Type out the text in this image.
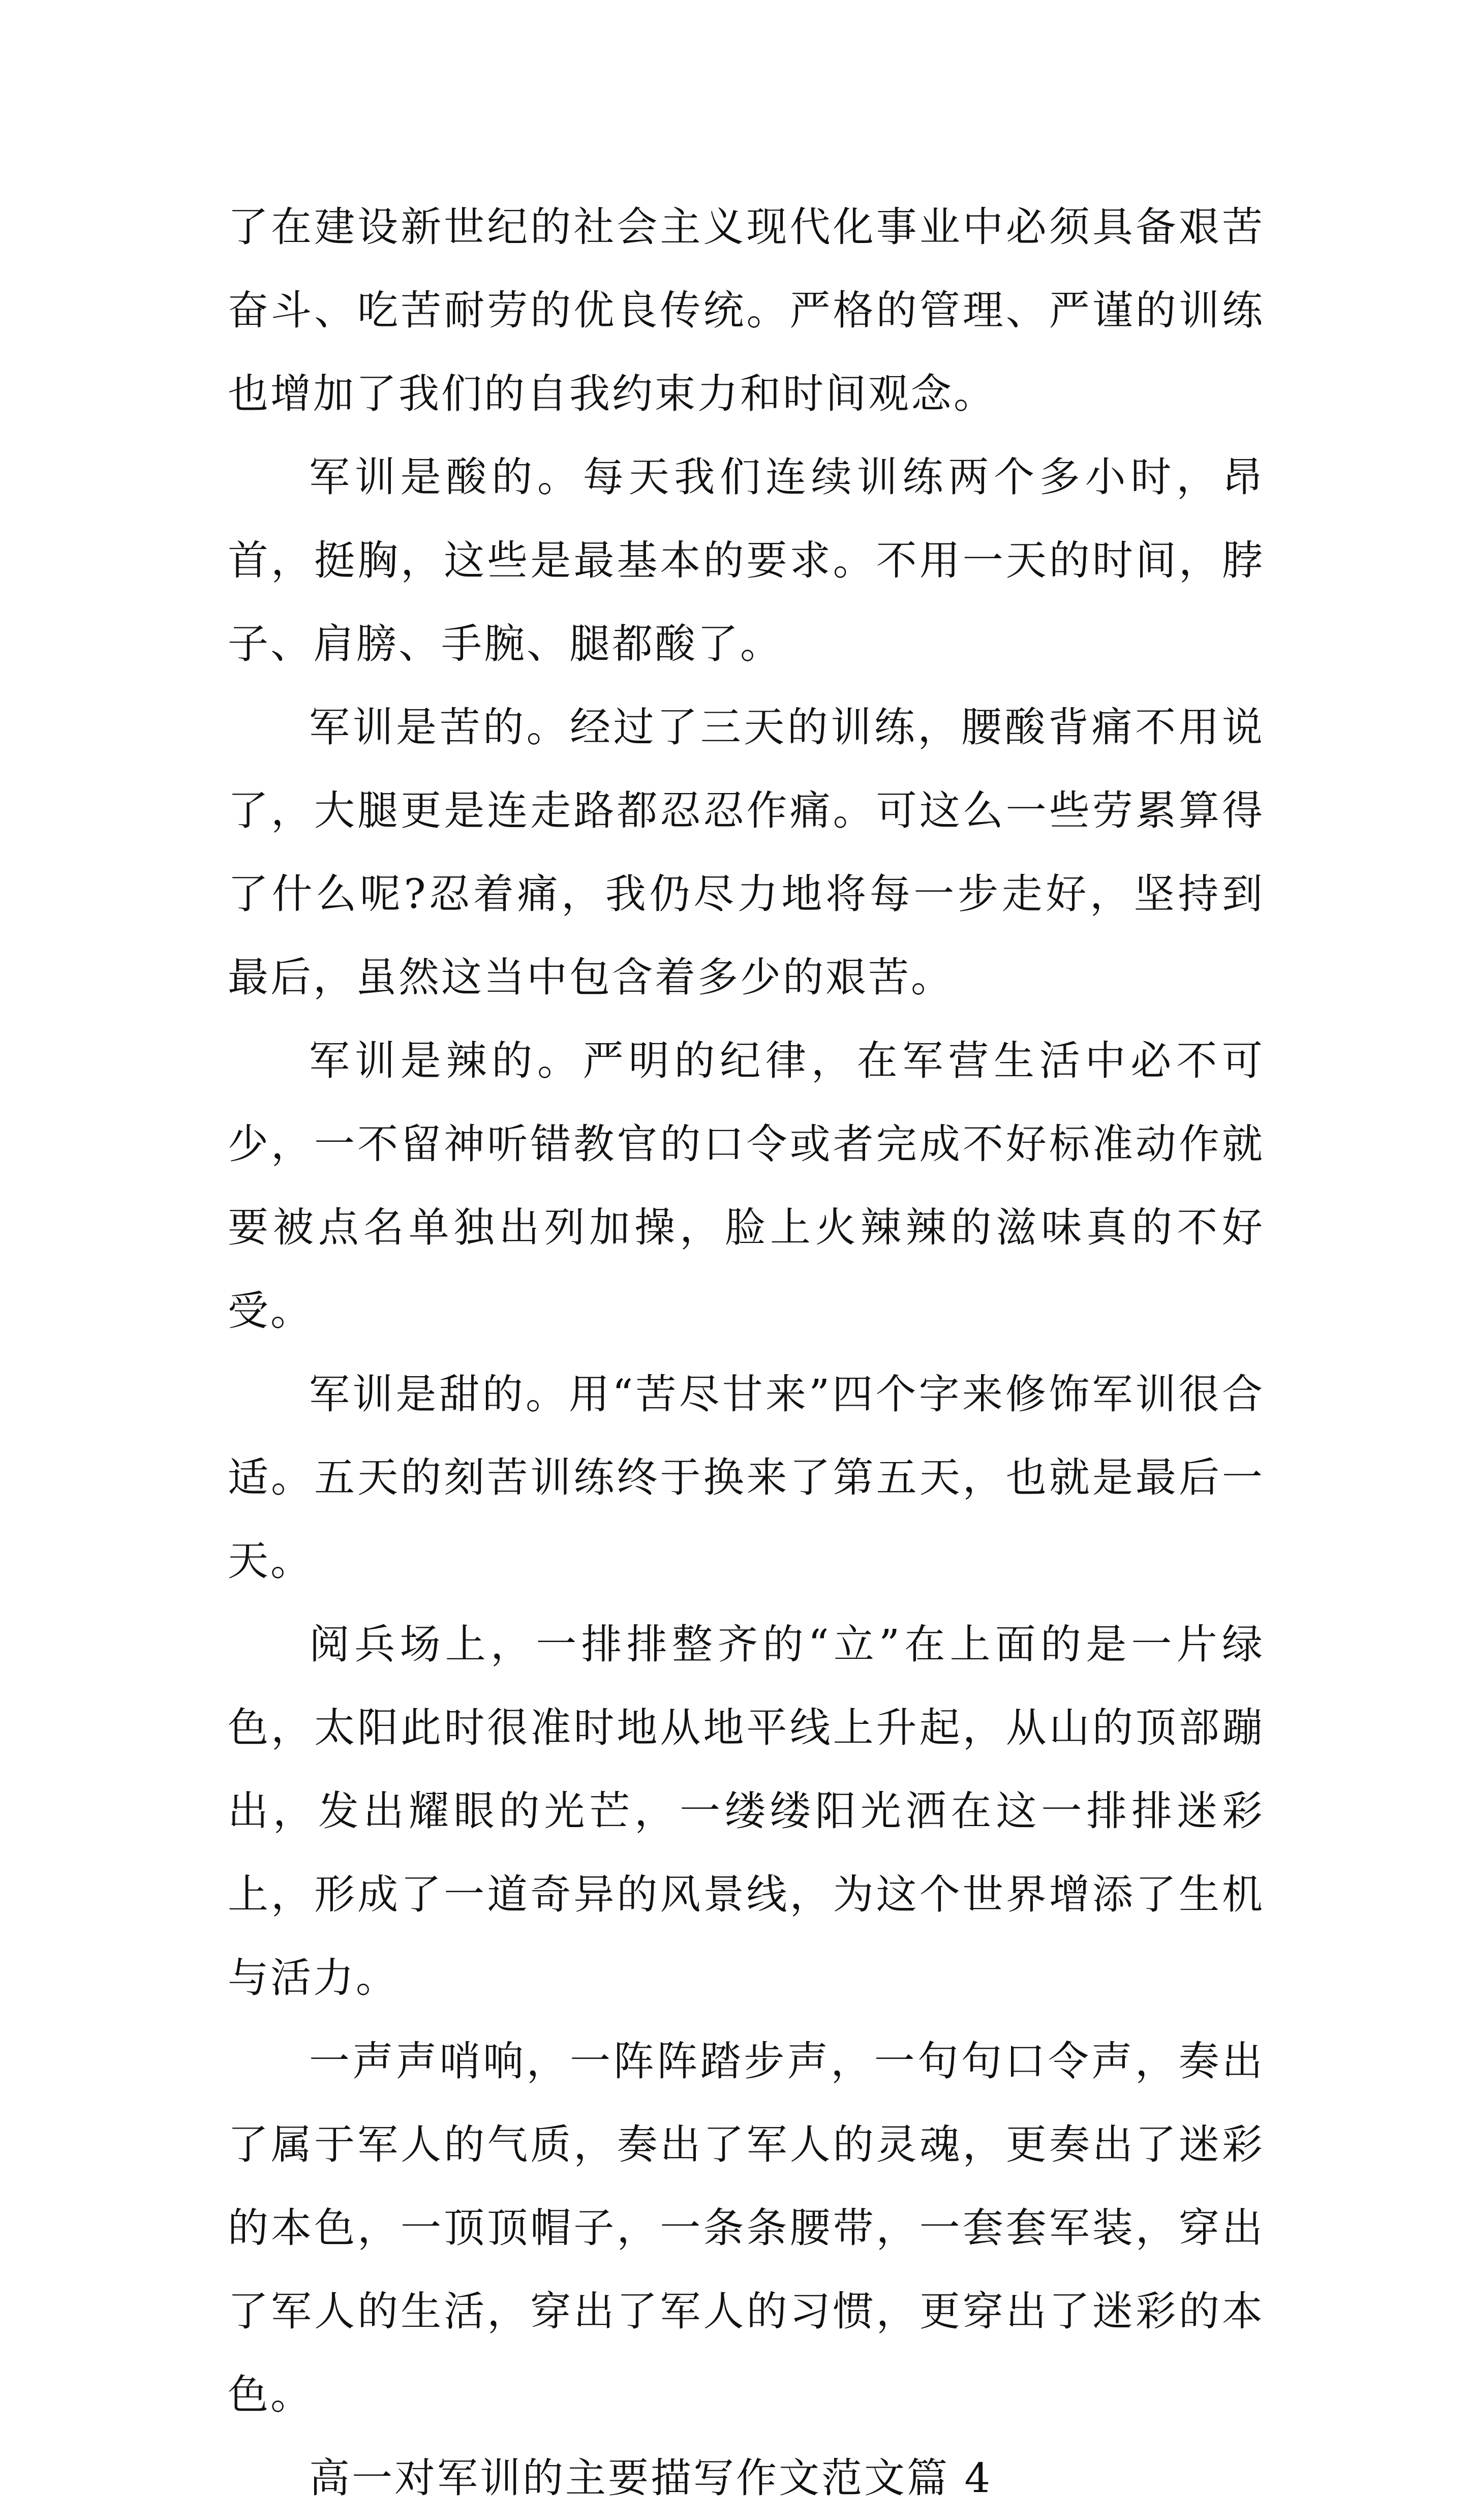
了在建设新世纪的社会主义现代化事业中必须具备艰苦奋斗、吃苦耐劳的优良传统。严格的管理、严谨的训练也增加了我们的自我约束力和时间观念。

军训是酸的。每天我们连续训练两个多小时，昂首，挺胸，这些是最基本的要求。不用一天的时间，脖子、肩膀、手腕、腿都酸了。

军训是苦的。经过了三天的训练，腰酸背痛不用说了，大腿更是连走路都忍忍作痛。可这么一些劳累算得了什么呢?忍着痛，我仍尽力地将每一步走好，坚持到最后，虽然这当中包含着多少的艰苦。

军训是辣的。严明的纪律，在军营生活中必不可少，一不留神听错教官的口令或者完成不好标准动作就要被点名单独出列加操，脸上火辣辣的滋味真的不好受。

军训是甜的。用“苦尽甘来”四个字来修饰军训很合适。五天的刻苦训练终于换来了第五天，也就是最后一天。

阅兵场上，一排排整齐的“立”在上面的是一片绿色，太阳此时很准时地从地平线上升起，从山的顶部蹦出，发出耀眼的光芒，一缕缕阳光洒在这一排排迷彩上，形成了一道奇异的风景线，为这个世界增添了生机与活力。

一声声哨响，一阵阵踏步声，一句句口令声，奏出了属于军人的气质，奏出了军人的灵魂，更奏出了迷彩的本色，一顶顶帽子，一条条腰带，一套套军装，穿出了军人的生活，穿出了军人的习惯，更穿出了迷彩的本色。

高一对军训的主要描写作文范文篇 4
